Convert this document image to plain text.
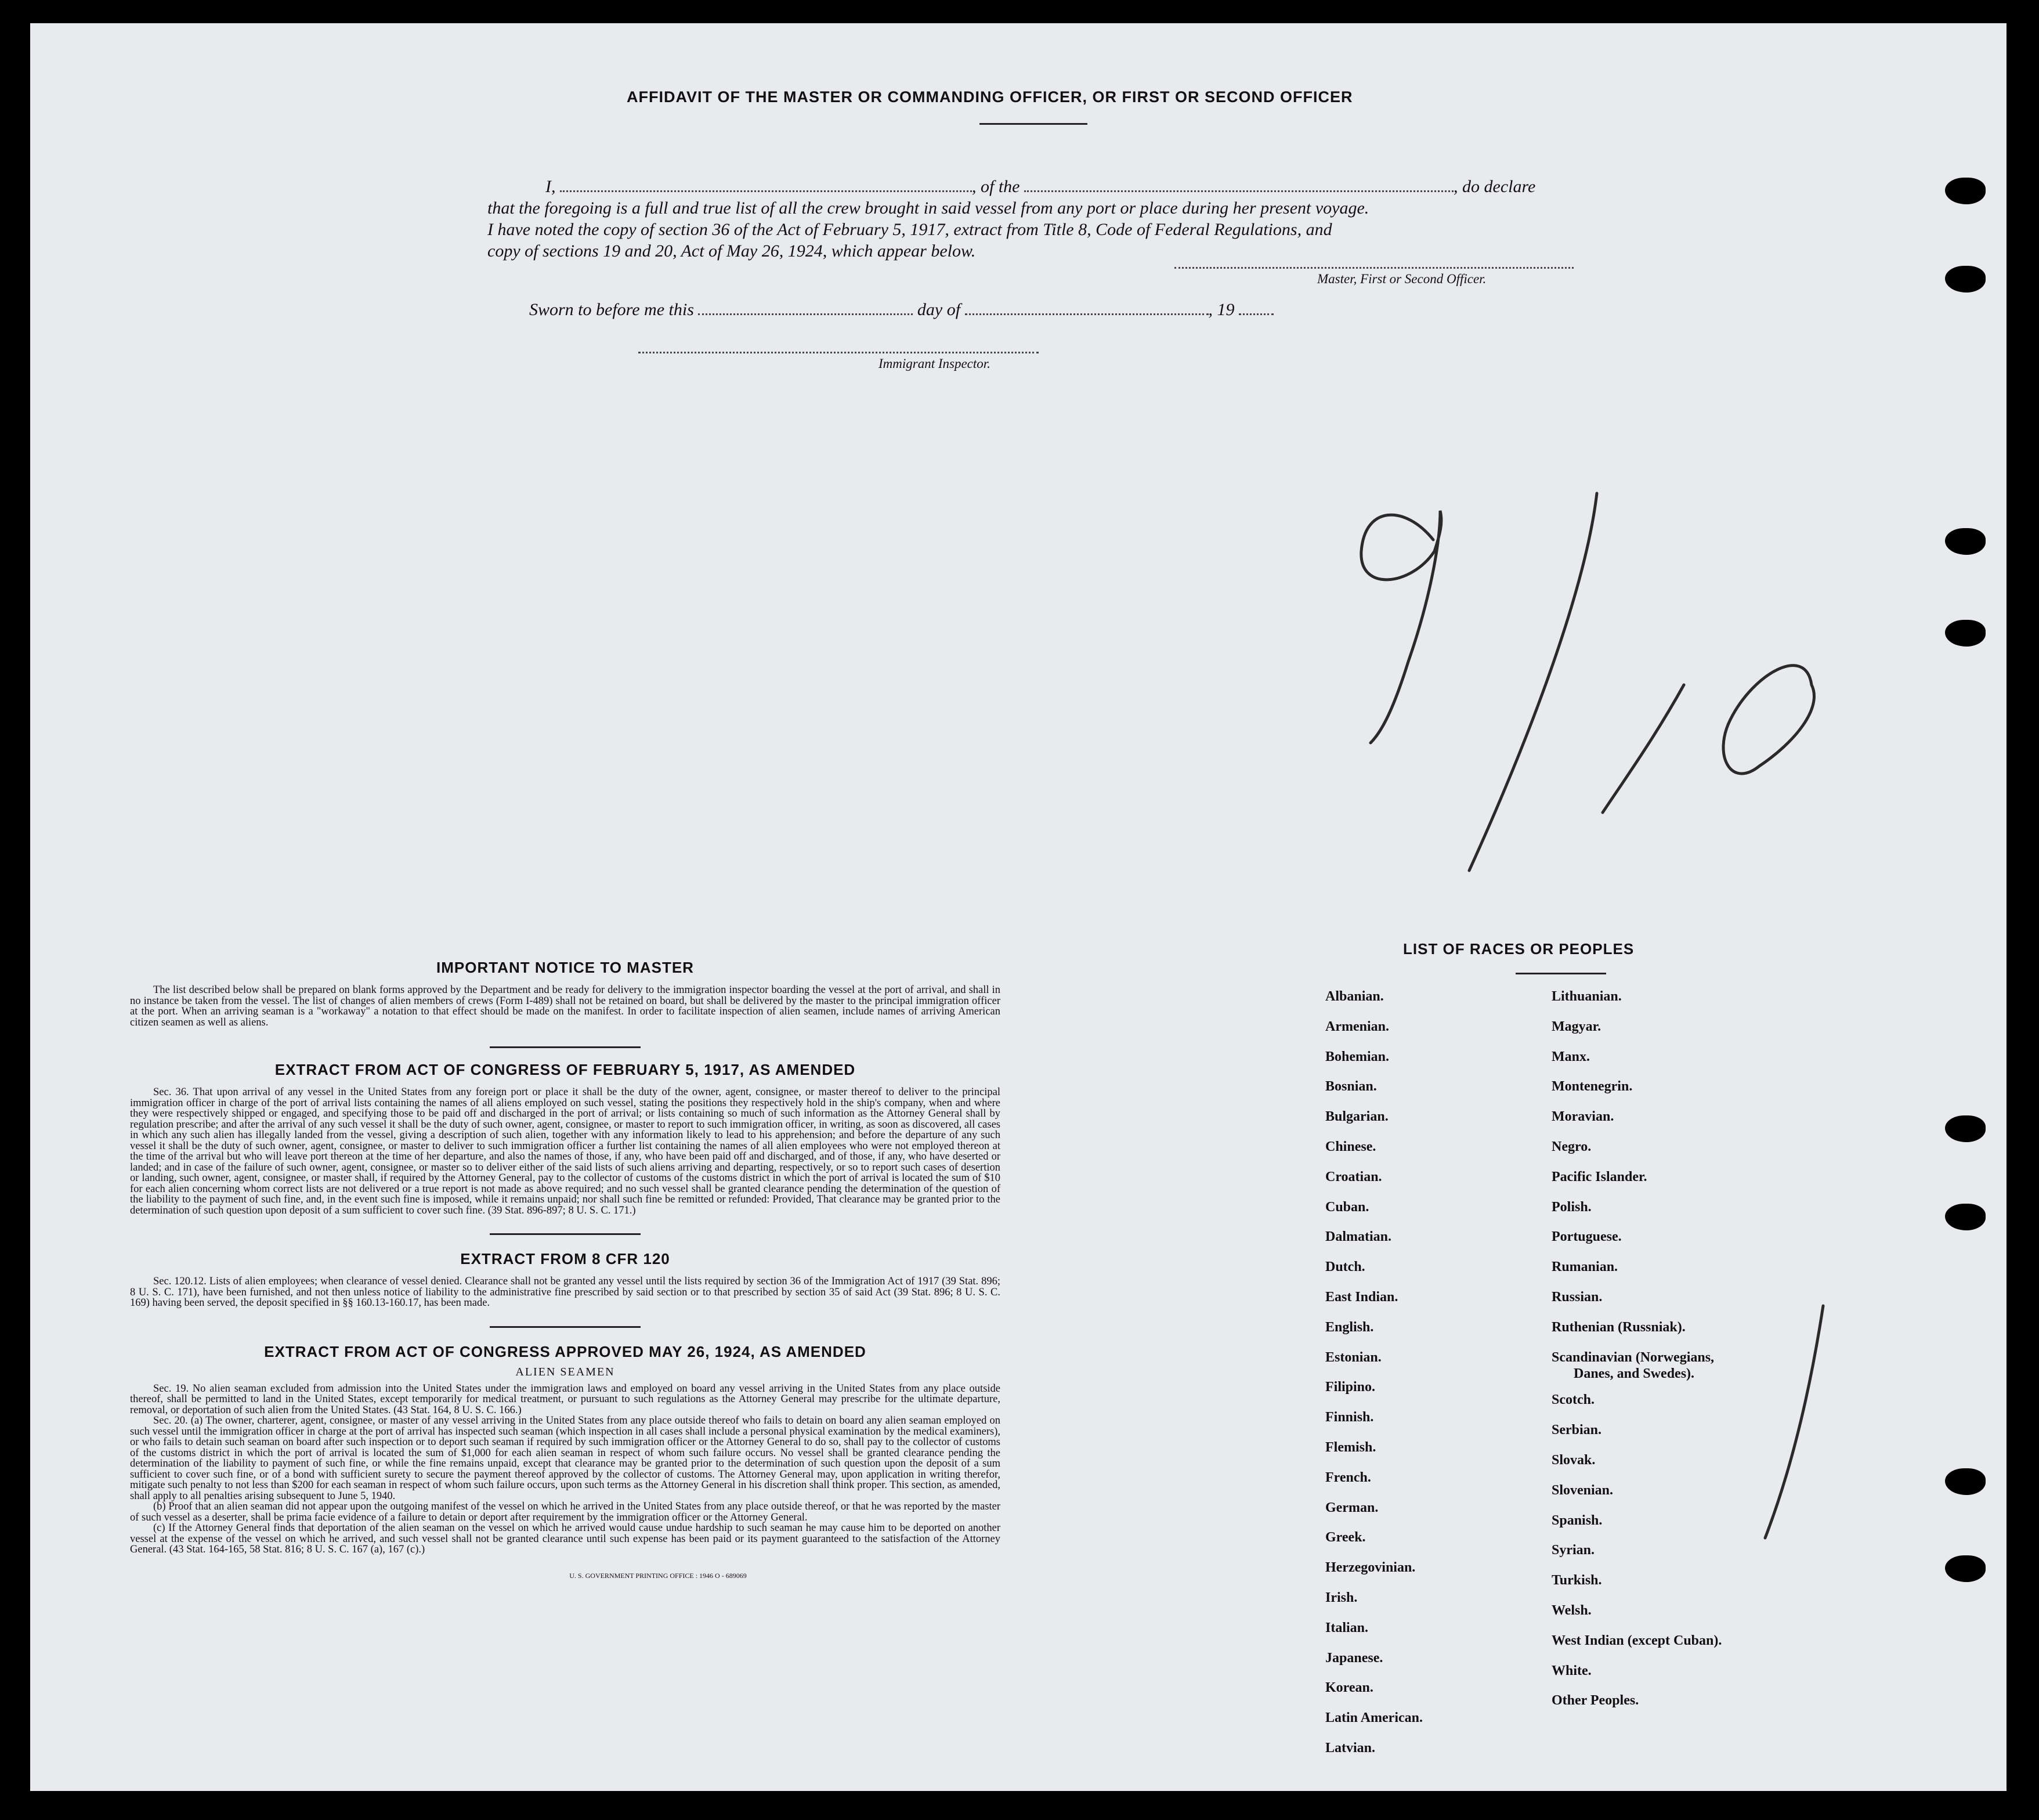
AFFIDAVIT OF THE MASTER OR COMMANDING OFFICER, OR FIRST OR SECOND OFFICER
I,	, of the	, do declare
that the foregoing is a full and true list of all the crew brought in said vessel from any port or place during her present voyage.
I have noted the copy of section 36 of the Act of February 5, 1917, extract from Title 8, Code of Federal Regulations, and
copy of sections 19 and 20, Act of May 26, 1924, which appear below.
Master, First or Second Officer.
Sworn to before me this	day of	, 19
Immigrant Inspector.
IMPORTANT NOTICE TO MASTER

The list described below shall be prepared on blank forms approved by the Department and be ready for delivery to the immigration inspector boarding the vessel at the port of arrival, and shall in no instance be taken from the vessel. The list of changes of alien members of crews (Form I-489) shall not be retained on board, but shall be delivered by the master to the principal immigration officer at the port. When an arriving seaman is a "workaway" a notation to that effect should be made on the manifest. In order to facilitate inspection of alien seamen, include names of arriving American citizen seamen as well as aliens.

EXTRACT FROM ACT OF CONGRESS OF FEBRUARY 5, 1917, AS AMENDED

Sec. 36. That upon arrival of any vessel in the United States from any foreign port or place it shall be the duty of the owner, agent, consignee, or master thereof to deliver to the principal immigration officer in charge of the port of arrival lists containing the names of all aliens employed on such vessel, stating the positions they respectively hold in the ship's company, when and where they were respectively shipped or engaged, and specifying those to be paid off and discharged in the port of arrival; or lists containing so much of such information as the Attorney General shall by regulation prescribe; and after the arrival of any such vessel it shall be the duty of such owner, agent, consignee, or master to report to such immigration officer, in writing, as soon as discovered, all cases in which any such alien has illegally landed from the vessel, giving a description of such alien, together with any information likely to lead to his apprehension; and before the departure of any such vessel it shall be the duty of such owner, agent, consignee, or master to deliver to such immigration officer a further list containing the names of all alien employees who were not employed thereon at the time of the arrival but who will leave port thereon at the time of her departure, and also the names of those, if any, who have been paid off and discharged, and of those, if any, who have deserted or landed; and in case of the failure of such owner, agent, consignee, or master so to deliver either of the said lists of such aliens arriving and departing, respectively, or so to report such cases of desertion or landing, such owner, agent, consignee, or master shall, if required by the Attorney General, pay to the collector of customs of the customs district in which the port of arrival is located the sum of $10 for each alien concerning whom correct lists are not delivered or a true report is not made as above required; and no such vessel shall be granted clearance pending the determination of the question of the liability to the payment of such fine, and, in the event such fine is imposed, while it remains unpaid; nor shall such fine be remitted or refunded: Provided, That clearance may be granted prior to the determination of such question upon deposit of a sum sufficient to cover such fine. (39 Stat. 896-897; 8 U. S. C. 171.)

EXTRACT FROM 8 CFR 120

Sec. 120.12. Lists of alien employees; when clearance of vessel denied. Clearance shall not be granted any vessel until the lists required by section 36 of the Immigration Act of 1917 (39 Stat. 896; 8 U. S. C. 171), have been furnished, and not then unless notice of liability to the administrative fine prescribed by said section or to that prescribed by section 35 of said Act (39 Stat. 896; 8 U. S. C. 169) having been served, the deposit specified in §§ 160.13-160.17, has been made.

EXTRACT FROM ACT OF CONGRESS APPROVED MAY 26, 1924, AS AMENDED
ALIEN SEAMEN

Sec. 19. No alien seaman excluded from admission into the United States under the immigration laws and employed on board any vessel arriving in the United States from any place outside thereof, shall be permitted to land in the United States, except temporarily for medical treatment, or pursuant to such regulations as the Attorney General may prescribe for the ultimate departure, removal, or deportation of such alien from the United States. (43 Stat. 164, 8 U. S. C. 166.)

Sec. 20. (a) The owner, charterer, agent, consignee, or master of any vessel arriving in the United States from any place outside thereof who fails to detain on board any alien seaman employed on such vessel until the immigration officer in charge at the port of arrival has inspected such seaman (which inspection in all cases shall include a personal physical examination by the medical examiners), or who fails to detain such seaman on board after such inspection or to deport such seaman if required by such immigration officer or the Attorney General to do so, shall pay to the collector of customs of the customs district in which the port of arrival is located the sum of $1,000 for each alien seaman in respect of whom such failure occurs. No vessel shall be granted clearance pending the determination of the liability to payment of such fine, or while the fine remains unpaid, except that clearance may be granted prior to the determination of such question upon the deposit of a sum sufficient to cover such fine, or of a bond with sufficient surety to secure the payment thereof approved by the collector of customs. The Attorney General may, upon application in writing therefor, mitigate such penalty to not less than $200 for each seaman in respect of whom such failure occurs, upon such terms as the Attorney General in his discretion shall think proper. This section, as amended, shall apply to all penalties arising subsequent to June 5, 1940.

(b) Proof that an alien seaman did not appear upon the outgoing manifest of the vessel on which he arrived in the United States from any place outside thereof, or that he was reported by the master of such vessel as a deserter, shall be prima facie evidence of a failure to detain or deport after requirement by the immigration officer or the Attorney General.

(c) If the Attorney General finds that deportation of the alien seaman on the vessel on which he arrived would cause undue hardship to such seaman he may cause him to be deported on another vessel at the expense of the vessel on which he arrived, and such vessel shall not be granted clearance until such expense has been paid or its payment guaranteed to the satisfaction of the Attorney General. (43 Stat. 164-165, 58 Stat. 816; 8 U. S. C. 167 (a), 167 (c).)

U. S. GOVERNMENT PRINTING OFFICE : 1946 O - 689069
LIST OF RACES OR PEOPLES
Albanian.
Armenian.
Bohemian.
Bosnian.
Bulgarian.
Chinese.
Croatian.
Cuban.
Dalmatian.
Dutch.
East Indian.
English.
Estonian.
Filipino.
Finnish.
Flemish.
French.
German.
Greek.
Herzegovinian.
Irish.
Italian.
Japanese.
Korean.
Latin American.
Latvian.
Lithuanian.
Magyar.
Manx.
Montenegrin.
Moravian.
Negro.
Pacific Islander.
Polish.
Portuguese.
Rumanian.
Russian.
Ruthenian (Russniak).
Scandinavian (Norwegians,
Danes, and Swedes).
Scotch.
Serbian.
Slovak.
Slovenian.
Spanish.
Syrian.
Turkish.
Welsh.
West Indian (except Cuban).
White.
Other Peoples.
